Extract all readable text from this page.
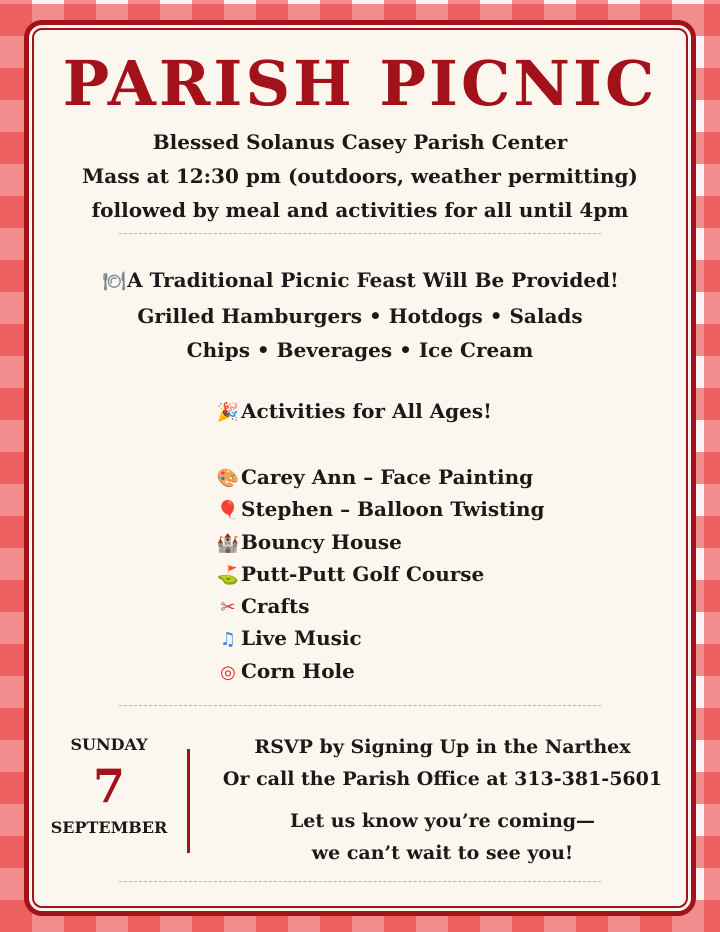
PARISH PICNIC
Blessed Solanus Casey Parish Center
Mass at 12:30 pm (outdoors, weather permitting)
followed by meal and activities for all until 4pm
🍽A Traditional Picnic Feast Will Be Provided!
Grilled Hamburgers • Hotdogs • Salads
Chips • Beverages • Ice Cream
🎉Activities for All Ages!
🎨Carey Ann – Face Painting
🎈Stephen – Balloon Twisting
🏰Bouncy House
⛳Putt-Putt Golf Course
✂ Crafts
♫ Live Music
◎ Corn Hole
SUNDAY
7
SEPTEMBER
RSVP by Signing Up in the Narthex
Or call the Parish Office at 313-381-5601
Let us know you’re coming—
we can’t wait to see you!
